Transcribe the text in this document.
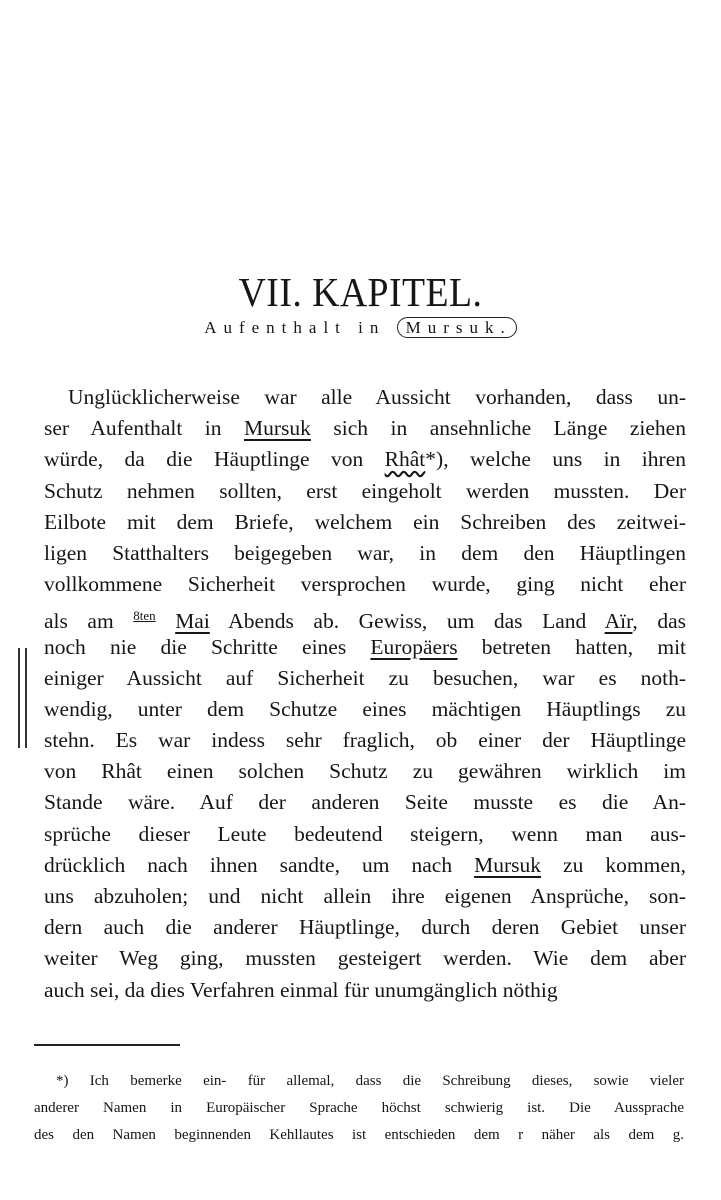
VII. KAPITEL.
Aufenthalt in Mursuk.
Unglücklicherweise war alle Aussicht vorhanden, dass un-
ser Aufenthalt in Mursuk sich in ansehnliche Länge ziehen
würde, da die Häuptlinge von Rhât*), welche uns in ihren
Schutz nehmen sollten, erst eingeholt werden mussten. Der
Eilbote mit dem Briefe, welchem ein Schreiben des zeitwei-
ligen Statthalters beigegeben war, in dem den Häuptlingen
vollkommene Sicherheit versprochen wurde, ging nicht eher
als am $^{8ten}$ Mai Abends ab. Gewiss, um das Land Aïr, das
noch nie die Schritte eines Europäers betreten hatten, mit
einiger Aussicht auf Sicherheit zu besuchen, war es noth-
wendig, unter dem Schutze eines mächtigen Häuptlings zu
stehn. Es war indess sehr fraglich, ob einer der Häuptlinge
von Rhât einen solchen Schutz zu gewähren wirklich im
Stande wäre. Auf der anderen Seite musste es die An-
sprüche dieser Leute bedeutend steigern, wenn man aus-
drücklich nach ihnen sandte, um nach Mursuk zu kommen,
uns abzuholen; und nicht allein ihre eigenen Ansprüche, son-
dern auch die anderer Häuptlinge, durch deren Gebiet unser
weiter Weg ging, mussten gesteigert werden. Wie dem aber
auch sei, da dies Verfahren einmal für unumgänglich nöthig
*) Ich bemerke ein- für allemal, dass die Schreibung dieses, sowie vieler
anderer Namen in Europäischer Sprache höchst schwierig ist. Die Aussprache
des den Namen beginnenden Kehllautes ist entschieden dem r näher als dem g.
